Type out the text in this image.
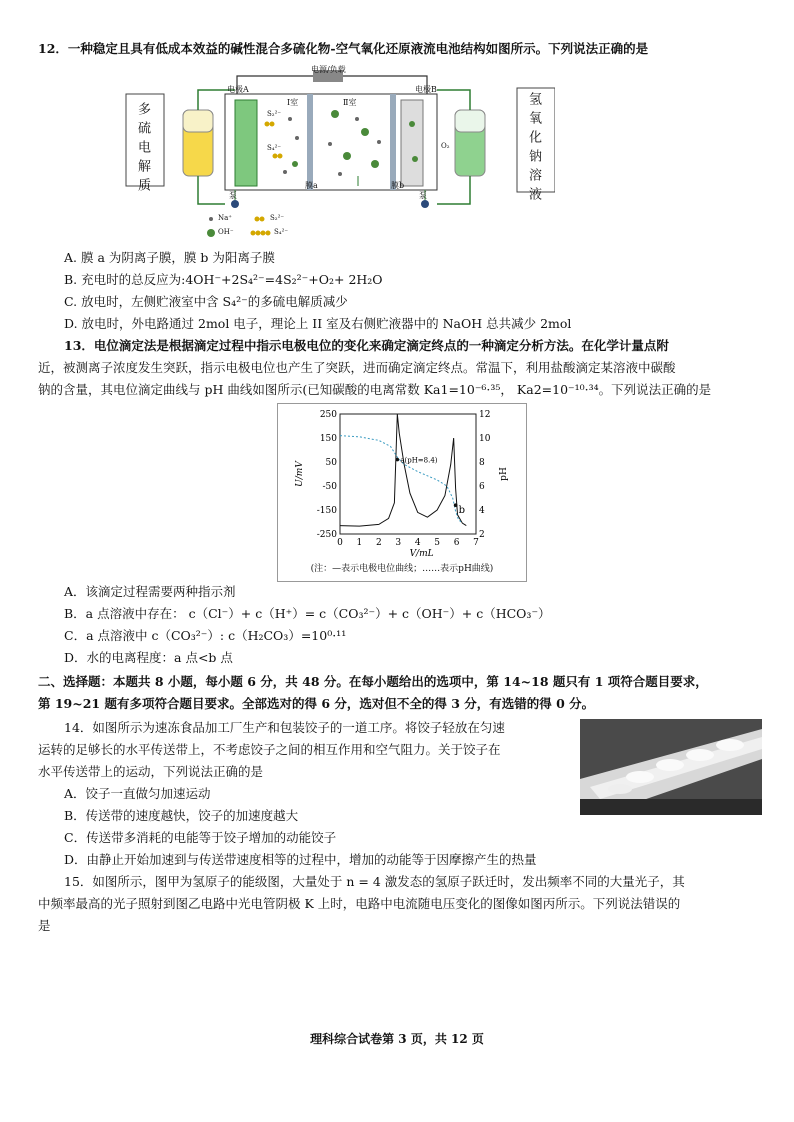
12．一种稳定且具有低成本效益的碱性混合多硫化物-空气氧化还原液流电池结构如图所示。下列说法正确的是
多硫电解质	氢氧化钠溶液
电源/负载
电极A	电极B
Ⅰ室	Ⅱ室
S₂²⁻
S₄²⁻	O₂
膜a	膜b
泵	泵
Na⁺
OH⁻
S₂²⁻
S₄²⁻
A. 膜 a 为阴离子膜，膜 b 为阳离子膜
B. 充电时的总反应为:4OH⁻+2S₄²⁻=4S₂²⁻+O₂+ 2H₂O
C. 放电时，左侧贮液室中含 S₄²⁻的多硫电解质减少
D. 放电时，外电路通过 2mol 电子，理论上 II 室及右侧贮液器中的 NaOH 总共减少 2mol
13．电位滴定法是根据滴定过程中指示电极电位的变化来确定滴定终点的一种滴定分析方法。在化学计量点附
近，被测离子浓度发生突跃，指示电极电位也产生了突跃，进而确定滴定终点。常温下，利用盐酸滴定某溶液中碳酸
钠的含量，其电位滴定曲线与 pH 曲线如图所示(已知碳酸的电离常数 Ka1=10⁻⁶·³⁵， Ka2=10⁻¹⁰·³⁴。下列说法正确的是
0 1 2 3 4 5 6 7
250
150
50
-50
-150
-250
12
10
8
6
4
2
V/mL
U/mV	pH
a(pH=8.4)
b
(注：—表示电极电位曲线；……表示pH曲线)
A．该滴定过程需要两种指示剂
B．a 点溶液中存在： c（Cl⁻）+ c（H⁺）= c（CO₃²⁻）+ c（OH⁻）+ c（HCO₃⁻）
C．a 点溶液中 c（CO₃²⁻）: c（H₂CO₃）=10⁰·¹¹
D．水的电离程度：a 点<b 点
二、选择题：本题共 8 小题，每小题 6 分，共 48 分。在每小题给出的选项中，第 14~18 题只有 1 项符合题目要求，
第 19~21 题有多项符合题目要求。全部选对的得 6 分，选对但不全的得 3 分，有选错的得 0 分。
14．如图所示为速冻食品加工厂生产和包装饺子的一道工序。将饺子轻放在匀速
运转的足够长的水平传送带上，不考虑饺子之间的相互作用和空气阻力。关于饺子在
水平传送带上的运动，下列说法正确的是
A．饺子一直做匀加速运动
B．传送带的速度越快，饺子的加速度越大
C．传送带多消耗的电能等于饺子增加的动能饺子
D．由静止开始加速到与传送带速度相等的过程中，增加的动能等于因摩擦产生的热量
15．如图所示，图甲为氢原子的能级图，大量处于 n = 4 激发态的氢原子跃迁时，发出频率不同的大量光子，其
中频率最高的光子照射到图乙电路中光电管阴极 K 上时，电路中电流随电压变化的图像如图丙所示。下列说法错误的
是
理科综合试卷第 3 页，共 12 页
